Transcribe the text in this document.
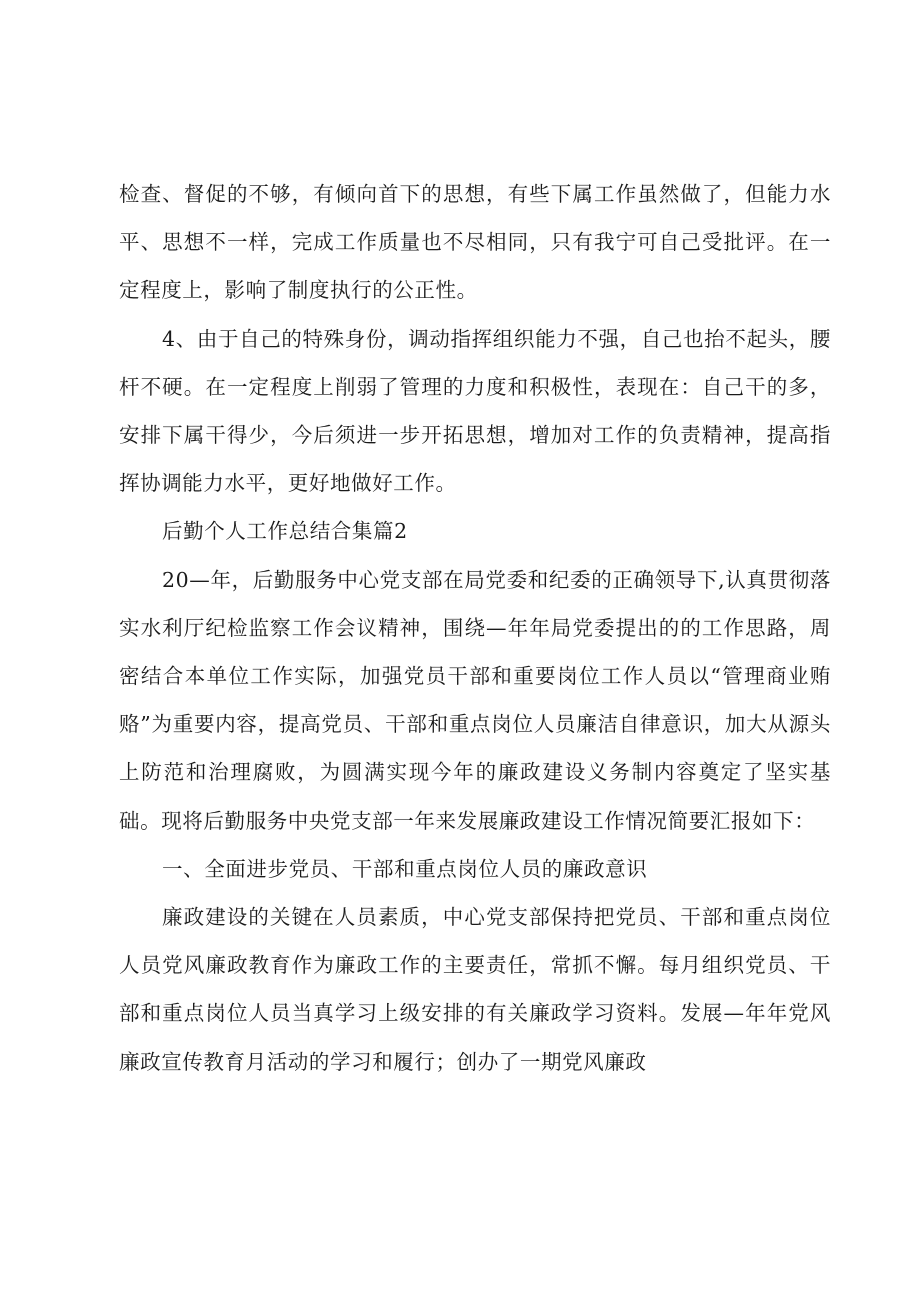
检查、督促的不够，有倾向首下的思想，有些下属工作虽然做了，但能力水平、思想不一样，完成工作质量也不尽相同，只有我宁可自己受批评。在一定程度上，影响了制度执行的公正性。

4、由于自己的特殊身份，调动指挥组织能力不强，自己也抬不起头，腰杆不硬。在一定程度上削弱了管理的力度和积极性，表现在：自己干的多，安排下属干得少，今后须进一步开拓思想，增加对工作的负责精神，提高指挥协调能力水平，更好地做好工作。

后勤个人工作总结合集篇2

20—年，后勤服务中心党支部在局党委和纪委的正确领导下,认真贯彻落实水利厅纪检监察工作会议精神，围绕—年年局党委提出的的工作思路，周密结合本单位工作实际，加强党员干部和重要岗位工作人员以“管理商业贿赂”为重要内容，提高党员、干部和重点岗位人员廉洁自律意识，加大从源头上防范和治理腐败，为圆满实现今年的廉政建设义务制内容奠定了坚实基础。现将后勤服务中央党支部一年来发展廉政建设工作情况简要汇报如下：

一、全面进步党员、干部和重点岗位人员的廉政意识

廉政建设的关键在人员素质，中心党支部保持把党员、干部和重点岗位人员党风廉政教育作为廉政工作的主要责任，常抓不懈。每月组织党员、干部和重点岗位人员当真学习上级安排的有关廉政学习资料。发展—年年党风廉政宣传教育月活动的学习和履行；创办了一期党风廉政
